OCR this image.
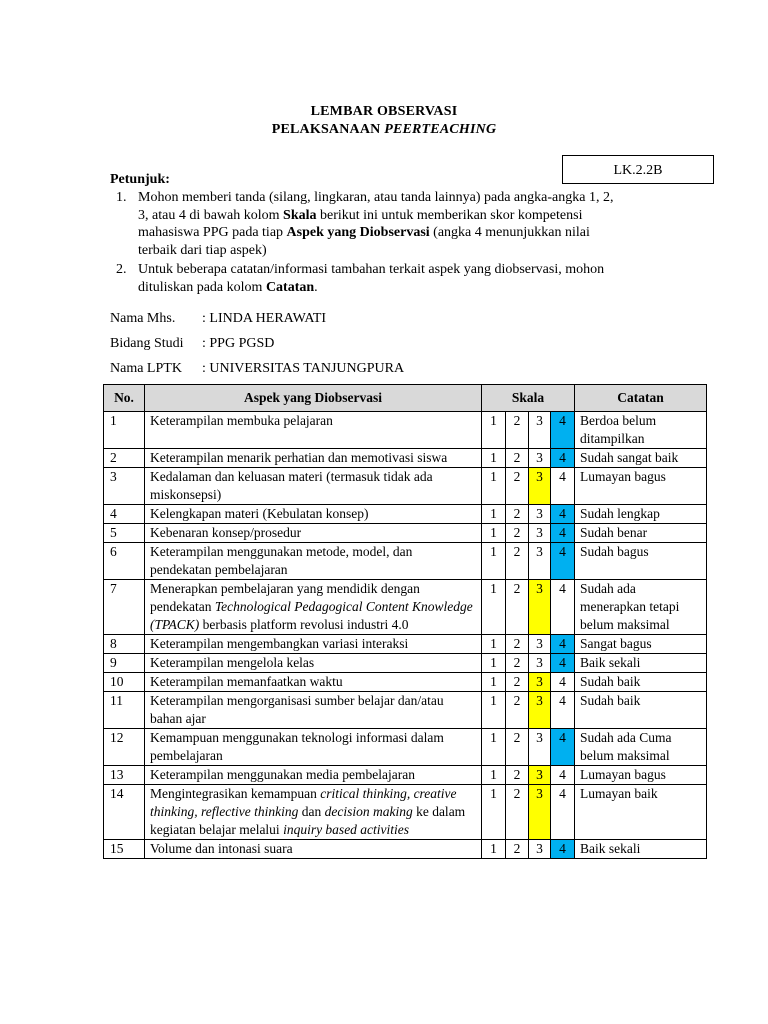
LEMBAR OBSERVASI
PELAKSANAAN PEERTEACHING
LK.2.2B
Petunjuk:
1. Mohon memberi tanda (silang, lingkaran, atau tanda lainnya) pada angka-angka 1, 2, 3, atau 4 di bawah kolom Skala berikut ini untuk memberikan skor kompetensi mahasiswa PPG pada tiap Aspek yang Diobservasi (angka 4 menunjukkan nilai terbaik dari tiap aspek)
2. Untuk beberapa catatan/informasi tambahan terkait aspek yang diobservasi, mohon dituliskan pada kolom Catatan.
Nama Mhs. : LINDA HERAWATI
Bidang Studi : PPG PGSD
Nama LPTK : UNIVERSITAS TANJUNGPURA
No.	Aspek yang Diobservasi	Skala				Catatan
1	Keterampilan membuka pelajaran	1	2	3	4	Berdoa belum ditampilkan
2	Keterampilan menarik perhatian dan memotivasi siswa	1	2	3	4	Sudah sangat baik
3	Kedalaman dan keluasan materi (termasuk tidak ada miskonsepsi)	1	2	3	4	Lumayan bagus
4	Kelengkapan materi (Kebulatan konsep)	1	2	3	4	Sudah lengkap
5	Kebenaran konsep/prosedur	1	2	3	4	Sudah benar
6	Keterampilan menggunakan metode, model, dan pendekatan pembelajaran	1	2	3	4	Sudah bagus
7	Menerapkan pembelajaran yang mendidik dengan pendekatan Technological Pedagogical Content Knowledge (TPACK) berbasis platform revolusi industri 4.0	1	2	3	4	Sudah ada menerapkan tetapi belum maksimal
8	Keterampilan mengembangkan variasi interaksi	1	2	3	4	Sangat bagus
9	Keterampilan mengelola kelas	1	2	3	4	Baik sekali
10	Keterampilan memanfaatkan waktu	1	2	3	4	Sudah baik
11	Keterampilan mengorganisasi sumber belajar dan/atau bahan ajar	1	2	3	4	Sudah baik
12	Kemampuan menggunakan teknologi informasi dalam pembelajaran	1	2	3	4	Sudah ada Cuma belum maksimal
13	Keterampilan menggunakan media pembelajaran	1	2	3	4	Lumayan bagus
14	Mengintegrasikan kemampuan critical thinking, creative thinking, reflective thinking dan decision making ke dalam kegiatan belajar melalui inquiry based activities	1	2	3	4	Lumayan baik
15	Volume dan intonasi suara	1	2	3	4	Baik sekali
